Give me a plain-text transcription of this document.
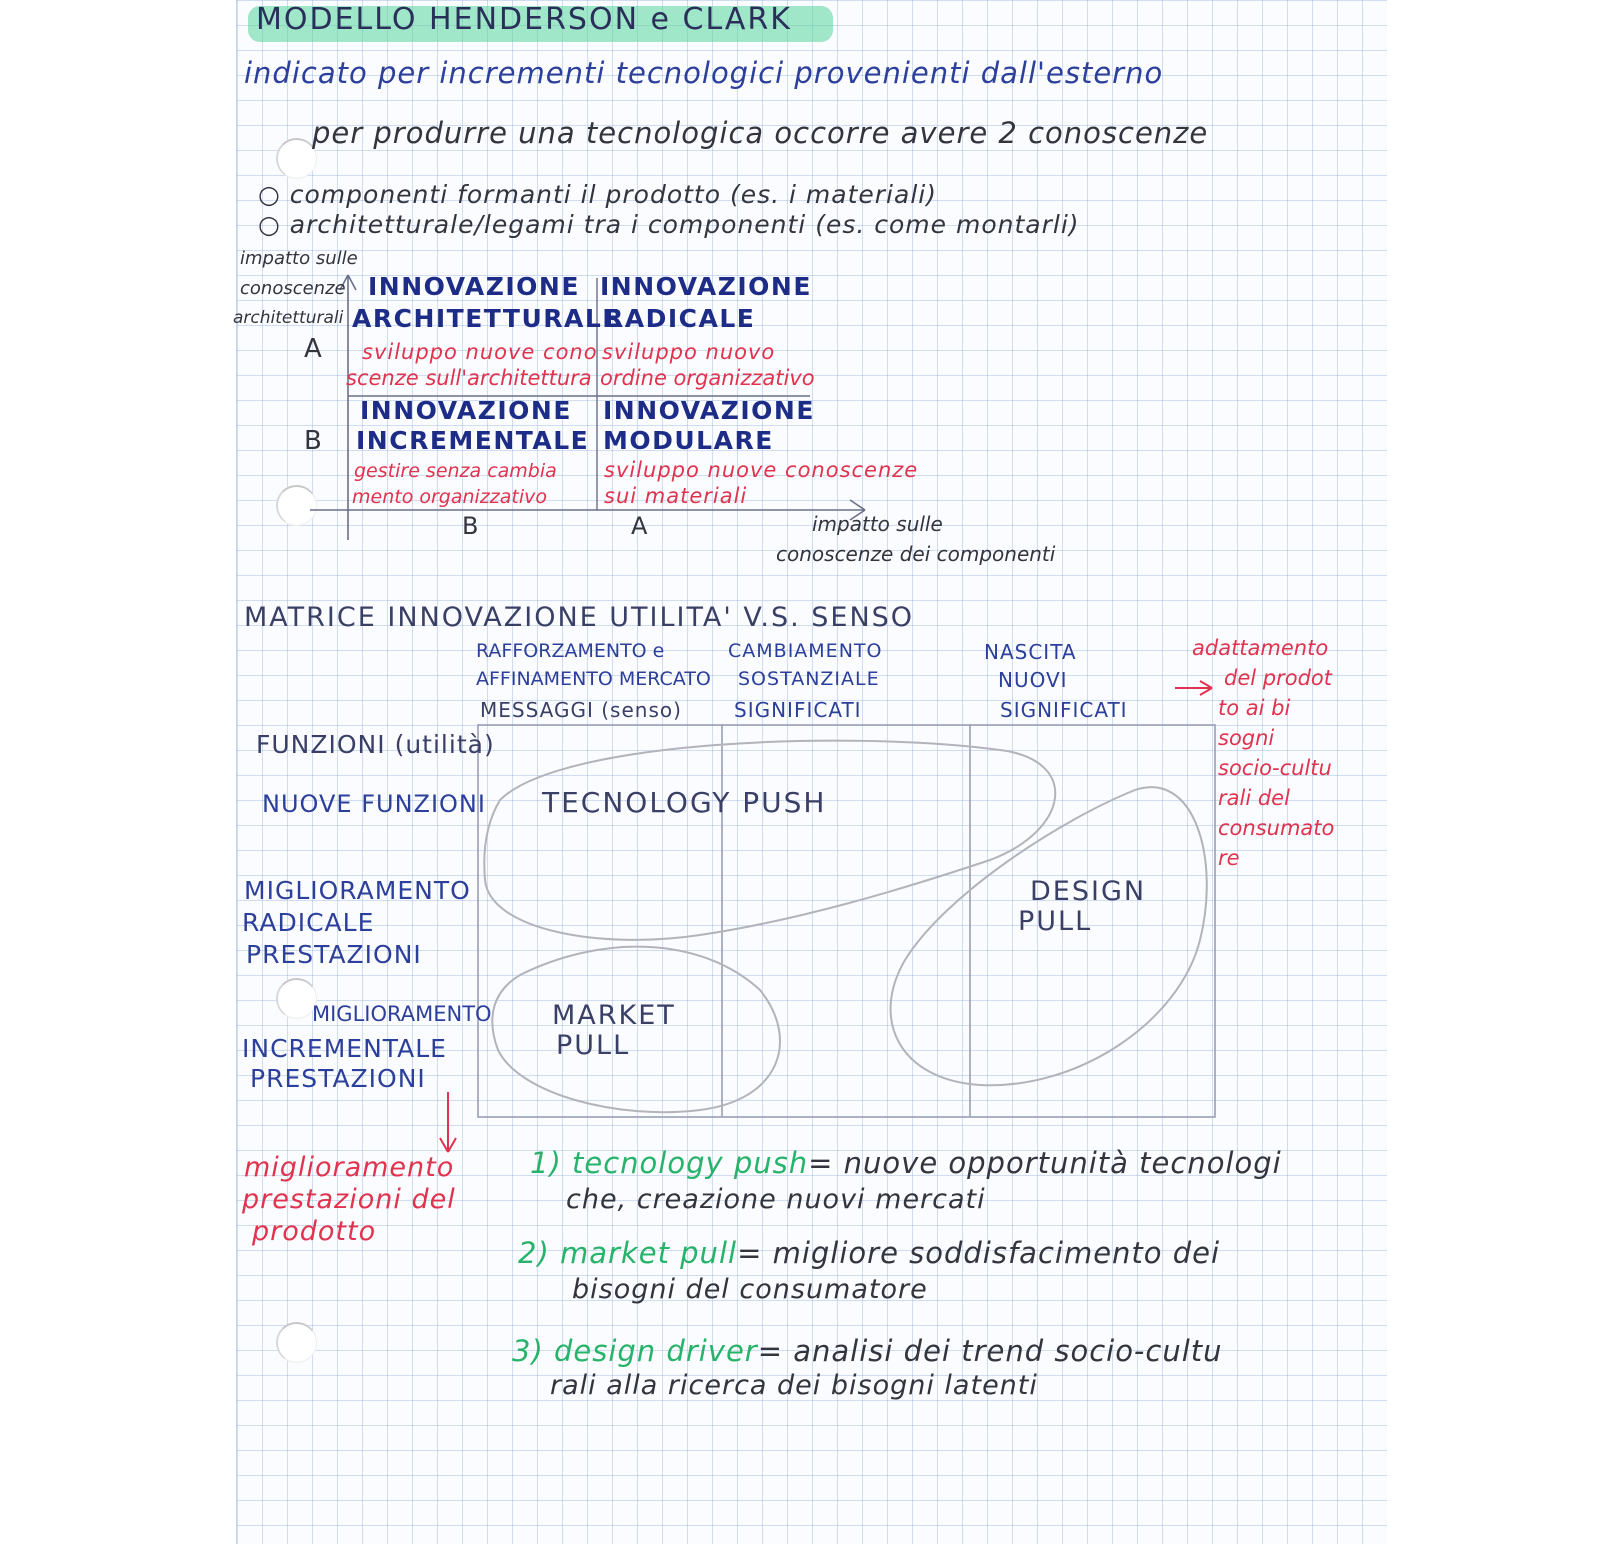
MODELLO HENDERSON e CLARK
indicato per incrementi tecnologici provenienti dall'esterno
per produrre una tecnologica occorre avere 2 conoscenze
○ componenti formanti il prodotto (es. i materiali)
○ architetturale/legami tra i componenti (es. come montarli)
impatto sulle
conoscenze
architetturali
A
B
INNOVAZIONE
ARCHITETTURALE
sviluppo nuove cono
scenze sull'architettura
INNOVAZIONE
RADICALE
sviluppo nuovo
ordine organizzativo
INNOVAZIONE
INCREMENTALE
gestire senza cambia
mento organizzativo
INNOVAZIONE
MODULARE
sviluppo nuove conoscenze
sui materiali
B	A	impatto sulle
conoscenze dei componenti
MATRICE INNOVAZIONE UTILITA' V.S. SENSO
RAFFORZAMENTO e
AFFINAMENTO MERCATO
MESSAGGI (senso)
CAMBIAMENTO
SOSTANZIALE
SIGNIFICATI
NASCITA
NUOVI
SIGNIFICATI
adattamento
del prodot
to ai bi
sogni
socio-cultu
rali del
consumato
re
FUNZIONI (utilità)
NUOVE FUNZIONI
MIGLIORAMENTO
RADICALE
PRESTAZIONI
MIGLIORAMENTO
INCREMENTALE
PRESTAZIONI
TECNOLOGY PUSH
DESIGN
PULL
MARKET
PULL
miglioramento
prestazioni del
prodotto
1) tecnology push= nuove opportunità tecnologi
che, creazione nuovi mercati
2) market pull= migliore soddisfacimento dei
bisogni del consumatore
3) design driver= analisi dei trend socio-cultu
rali alla ricerca dei bisogni latenti
